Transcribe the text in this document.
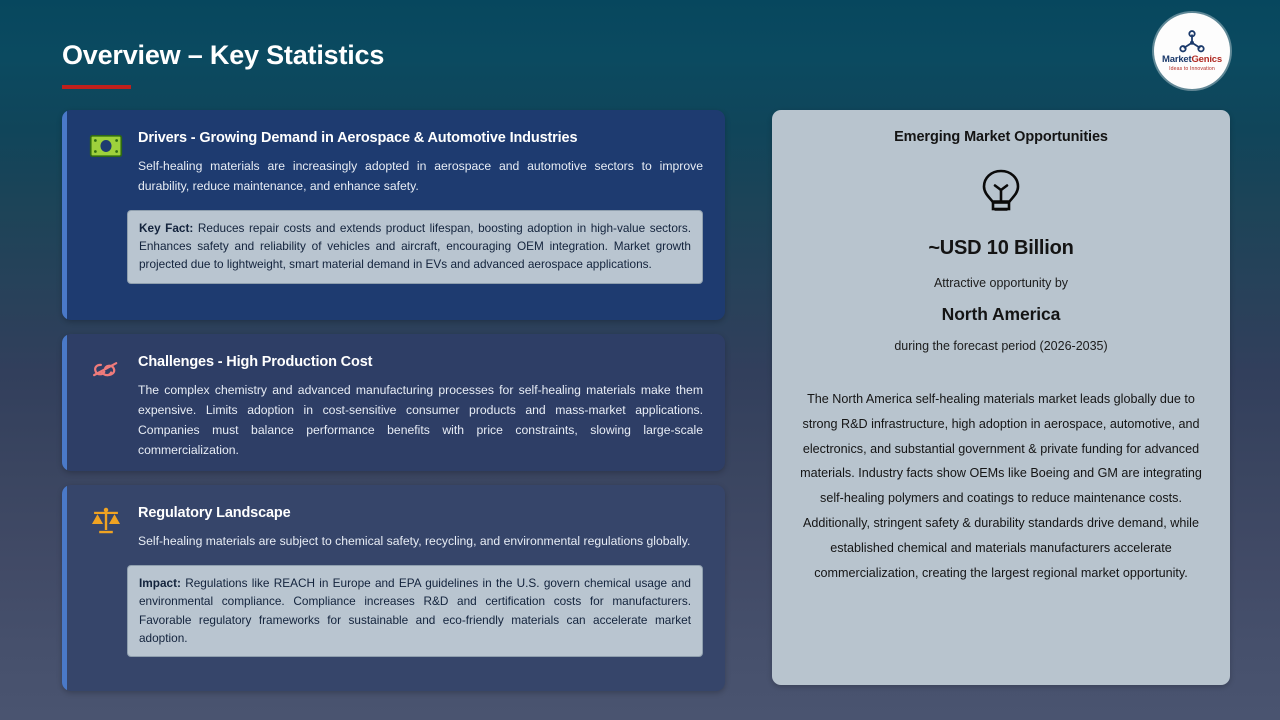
Overview – Key Statistics	MarketGenics
Ideas to Innovation
Drivers - Growing Demand in Aerospace & Automotive Industries
Self-healing materials are increasingly adopted in aerospace and automotive sectors to improve durability, reduce maintenance, and enhance safety.
Key Fact: Reduces repair costs and extends product lifespan, boosting adoption in high-value sectors. Enhances safety and reliability of vehicles and aircraft, encouraging OEM integration. Market growth projected due to lightweight, smart material demand in EVs and advanced aerospace applications.
Challenges - High Production Cost
The complex chemistry and advanced manufacturing processes for self-healing materials make them expensive. Limits adoption in cost-sensitive consumer products and mass-market applications. Companies must balance performance benefits with price constraints, slowing large-scale commercialization.
Regulatory Landscape
Self-healing materials are subject to chemical safety, recycling, and environmental regulations globally.
Impact: Regulations like REACH in Europe and EPA guidelines in the U.S. govern chemical usage and environmental compliance. Compliance increases R&D and certification costs for manufacturers. Favorable regulatory frameworks for sustainable and eco-friendly materials can accelerate market adoption.
Emerging Market Opportunities
~USD 10 Billion
Attractive opportunity by
North America
during the forecast period (2026-2035)
The North America self-healing materials market leads globally due to strong R&D infrastructure, high adoption in aerospace, automotive, and electronics, and substantial government & private funding for advanced materials. Industry facts show OEMs like Boeing and GM are integrating self-healing polymers and coatings to reduce maintenance costs. Additionally, stringent safety & durability standards drive demand, while established chemical and materials manufacturers accelerate commercialization, creating the largest regional market opportunity.
